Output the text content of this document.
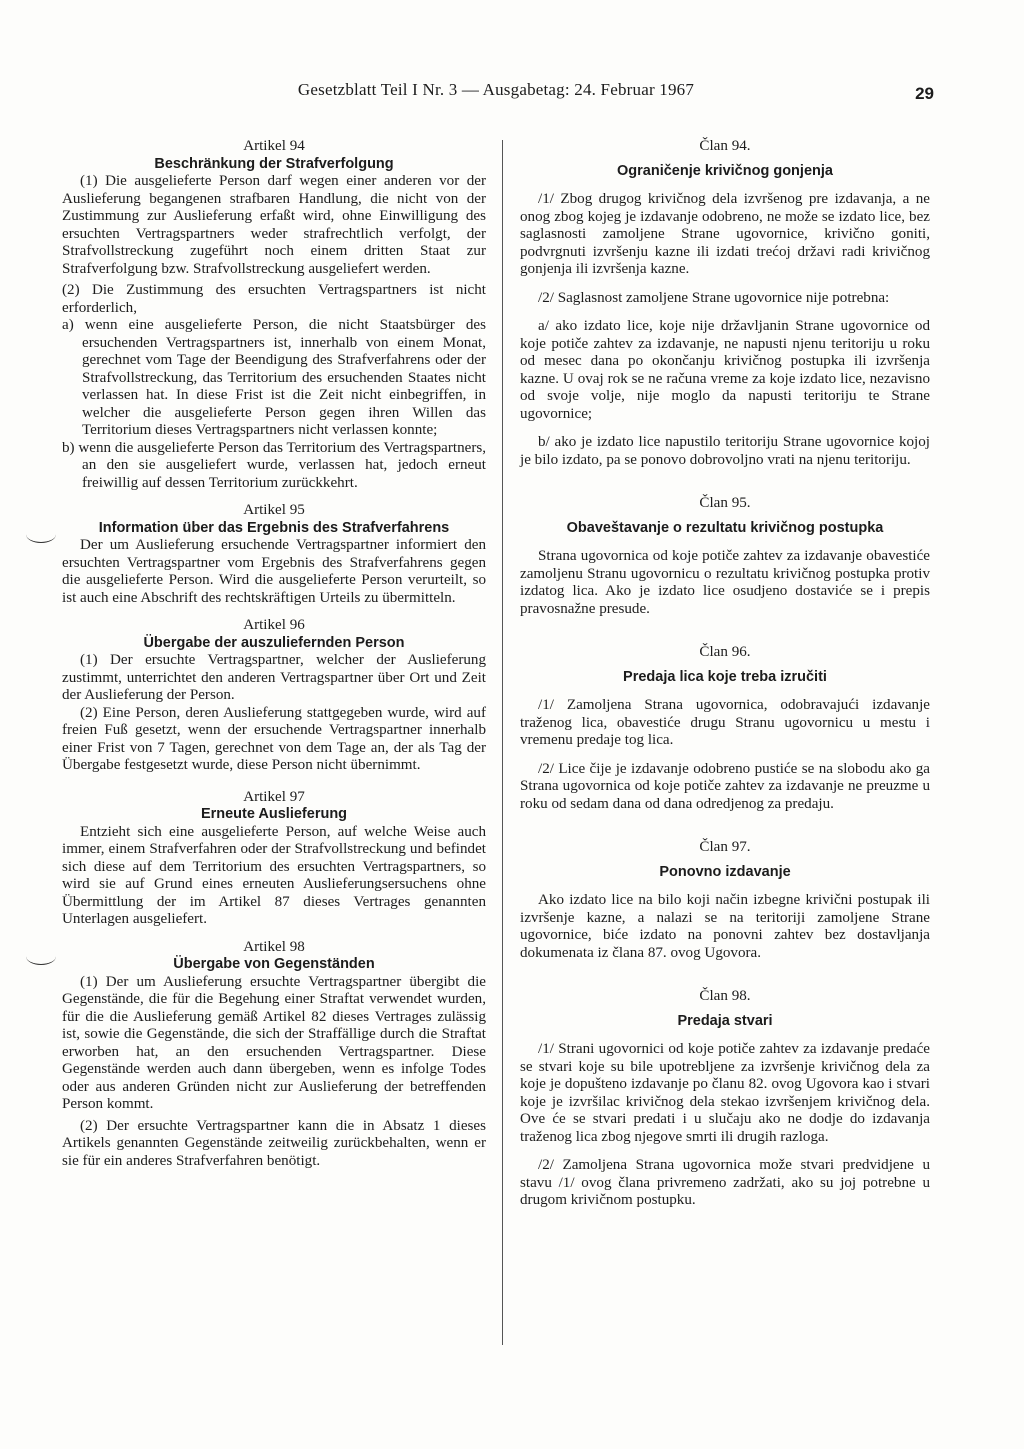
Gesetzblatt Teil I Nr. 3 — Ausgabetag: 24. Februar 1967	29

Artikel 94

Beschränkung der Strafverfolgung

(1) Die ausgelieferte Person darf wegen einer anderen vor der Auslieferung begangenen strafbaren Handlung, die nicht von der Zustimmung zur Auslieferung erfaßt wird, ohne Einwilligung des ersuchten Vertragspartners weder strafrechtlich verfolgt, der Strafvollstreckung zugeführt noch einem dritten Staat zur Strafverfolgung bzw. Strafvollstreckung ausgeliefert werden.

(2) Die Zustimmung des ersuchten Vertragspartners ist nicht erforderlich,

a) wenn eine ausgelieferte Person, die nicht Staatsbürger des ersuchenden Vertragspartners ist, innerhalb von einem Monat, gerechnet vom Tage der Beendigung des Strafverfahrens oder der Strafvollstreckung, das Territorium des ersuchenden Staates nicht verlassen hat. In diese Frist ist die Zeit nicht einbegriffen, in welcher die ausgelieferte Person gegen ihren Willen das Territorium dieses Vertragspartners nicht verlassen konnte;

b) wenn die ausgelieferte Person das Territorium des Vertragspartners, an den sie ausgeliefert wurde, verlassen hat, jedoch erneut freiwillig auf dessen Territorium zurückkehrt.

Artikel 95

Information über das Ergebnis des Strafverfahrens

Der um Auslieferung ersuchende Vertragspartner informiert den ersuchten Vertragspartner vom Ergebnis des Strafverfahrens gegen die ausgelieferte Person. Wird die ausgelieferte Person verurteilt, so ist auch eine Abschrift des rechtskräftigen Urteils zu übermitteln.

Artikel 96

Übergabe der auszuliefernden Person

(1) Der ersuchte Vertragspartner, welcher der Auslieferung zustimmt, unterrichtet den anderen Vertragspartner über Ort und Zeit der Auslieferung der Person.

(2) Eine Person, deren Auslieferung stattgegeben wurde, wird auf freien Fuß gesetzt, wenn der ersuchende Vertragspartner innerhalb einer Frist von 7 Tagen, gerechnet von dem Tage an, der als Tag der Übergabe festgesetzt wurde, diese Person nicht übernimmt.

Artikel 97

Erneute Auslieferung

Entzieht sich eine ausgelieferte Person, auf welche Weise auch immer, einem Strafverfahren oder der Strafvollstreckung und befindet sich diese auf dem Territorium des ersuchten Vertragspartners, so wird sie auf Grund eines erneuten Auslieferungsersuchens ohne Übermittlung der im Artikel 87 dieses Vertrages genannten Unterlagen ausgeliefert.

Artikel 98

Übergabe von Gegenständen

(1) Der um Auslieferung ersuchte Vertragspartner übergibt die Gegenstände, die für die Begehung einer Straftat verwendet wurden, für die die Auslieferung gemäß Artikel 82 dieses Vertrages zulässig ist, sowie die Gegenstände, die sich der Straffällige durch die Straftat erworben hat, an den ersuchenden Vertragspartner. Diese Gegenstände werden auch dann übergeben, wenn es infolge Todes oder aus anderen Gründen nicht zur Auslieferung der betreffenden Person kommt.

(2) Der ersuchte Vertragspartner kann die in Absatz 1 dieses Artikels genannten Gegenstände zeitweilig zurückbehalten, wenn er sie für ein anderes Strafverfahren benötigt.

Član 94.

Ograničenje krivičnog gonjenja

/1/ Zbog drugog krivičnog dela izvršenog pre izdavanja, a ne onog zbog kojeg je izdavanje odobreno, ne može se izdato lice, bez saglasnosti zamoljene Strane ugovornice, krivično goniti, podvrgnuti izvršenju kazne ili izdati trećoj državi radi krivičnog gonjenja ili izvršenja kazne.

/2/ Saglasnost zamoljene Strane ugovornice nije potrebna:

a/ ako izdato lice, koje nije državljanin Strane ugovornice od koje potiče zahtev za izdavanje, ne napusti njenu teritoriju u roku od mesec dana po okončanju krivičnog postupka ili izvršenja kazne. U ovaj rok se ne računa vreme za koje izdato lice, nezavisno od svoje volje, nije moglo da napusti teritoriju te Strane ugovornice;

b/ ako je izdato lice napustilo teritoriju Strane ugovornice kojoj je bilo izdato, pa se ponovo dobrovoljno vrati na njenu teritoriju.

Član 95.

Obaveštavanje o rezultatu krivičnog postupka

Strana ugovornica od koje potiče zahtev za izdavanje obavestiće zamoljenu Stranu ugovornicu o rezultatu krivičnog postupka protiv izdatog lica. Ako je izdato lice osudjeno dostaviće se i prepis pravosnažne presude.

Član 96.

Predaja lica koje treba izručiti

/1/ Zamoljena Strana ugovornica, odobravajući izdavanje traženog lica, obavestiće drugu Stranu ugovornicu u mestu i vremenu predaje tog lica.

/2/ Lice čije je izdavanje odobreno pustiće se na slobodu ako ga Strana ugovornica od koje potiče zahtev za izdavanje ne preuzme u roku od sedam dana od dana odredjenog za predaju.

Član 97.

Ponovno izdavanje

Ako izdato lice na bilo koji način izbegne krivični postupak ili izvršenje kazne, a nalazi se na teritoriji zamoljene Strane ugovornice, biće izdato na ponovni zahtev bez dostavljanja dokumenata iz člana 87. ovog Ugovora.

Član 98.

Predaja stvari

/1/ Strani ugovornici od koje potiče zahtev za izdavanje predaće se stvari koje su bile upotrebljene za izvršenje krivičnog dela za koje je dopušteno izdavanje po članu 82. ovog Ugovora kao i stvari koje je izvršilac krivičnog dela stekao izvršenjem krivičnog dela. Ove će se stvari predati i u slučaju ako ne dodje do izdavanja traženog lica zbog njegove smrti ili drugih razloga.

/2/ Zamoljena Strana ugovornica može stvari predvidjene u stavu /1/ ovog člana privremeno zadržati, ako su joj potrebne u drugom krivičnom postupku.
